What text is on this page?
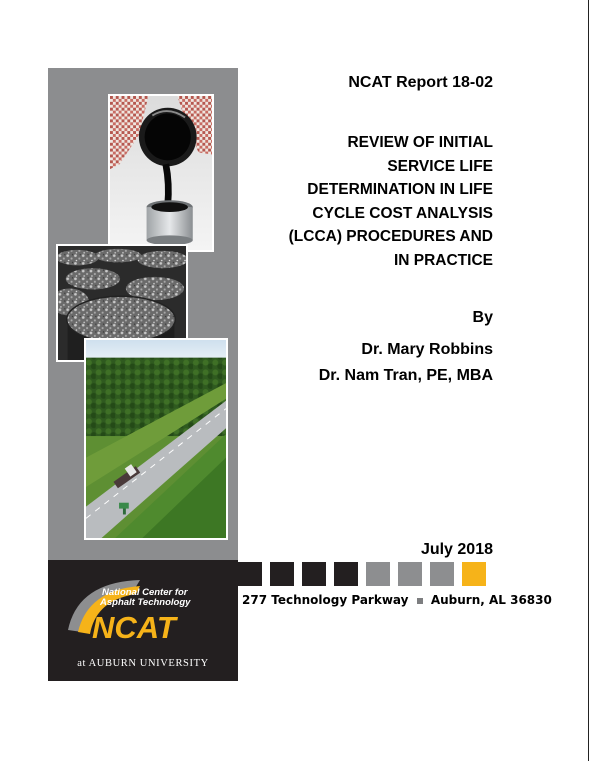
National Center for
Asphalt Technology
NCAT
at AUBURN UNIVERSITY
NCAT Report 18-02
REVIEW OF INITIAL
SERVICE LIFE
DETERMINATION IN LIFE
CYCLE COST ANALYSIS
(LCCA) PROCEDURES AND
IN PRACTICE
By
Dr. Mary Robbins
Dr. Nam Tran, PE, MBA
July 2018
277 Technology Parkway Auburn, AL 36830
